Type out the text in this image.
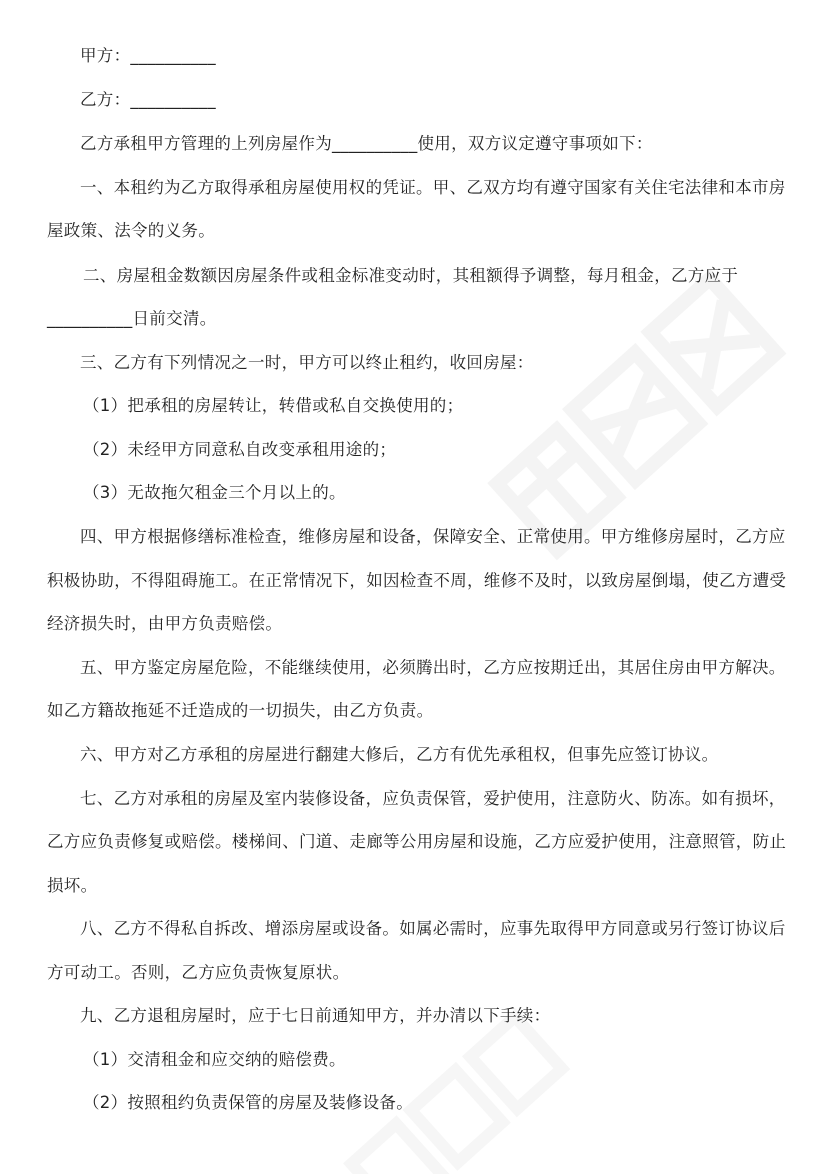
甲方：__________
乙方：__________
乙方承租甲方管理的上列房屋作为__________使用，双方议定遵守事项如下：
一、本租约为乙方取得承租房屋使用权的凭证。甲、乙双方均有遵守国家有关住宅法律和本市房
屋政策、法令的义务。
二、房屋租金数额因房屋条件或租金标准变动时，其租额得予调整，每月租金，乙方应于
__________日前交清。
三、乙方有下列情况之一时，甲方可以终止租约，收回房屋：
（1）把承租的房屋转让，转借或私自交换使用的；
（2）未经甲方同意私自改变承租用途的；
（3）无故拖欠租金三个月以上的。
四、甲方根据修缮标准检查，维修房屋和设备，保障安全、正常使用。甲方维修房屋时，乙方应
积极协助，不得阻碍施工。在正常情况下，如因检查不周，维修不及时，以致房屋倒塌，使乙方遭受
经济损失时，由甲方负责赔偿。
五、甲方鉴定房屋危险，不能继续使用，必须腾出时，乙方应按期迁出，其居住房由甲方解决。
如乙方籍故拖延不迁造成的一切损失，由乙方负责。
六、甲方对乙方承租的房屋进行翻建大修后，乙方有优先承租权，但事先应签订协议。
七、乙方对承租的房屋及室内装修设备，应负责保管，爱护使用，注意防火、防冻。如有损坏，
乙方应负责修复或赔偿。楼梯间、门道、走廊等公用房屋和设施，乙方应爱护使用，注意照管，防止
损坏。
八、乙方不得私自拆改、增添房屋或设备。如属必需时，应事先取得甲方同意或另行签订协议后
方可动工。否则，乙方应负责恢复原状。
九、乙方退租房屋时，应于七日前通知甲方，并办清以下手续：
（1）交清租金和应交纳的赔偿费。
（2）按照租约负责保管的房屋及装修设备。
